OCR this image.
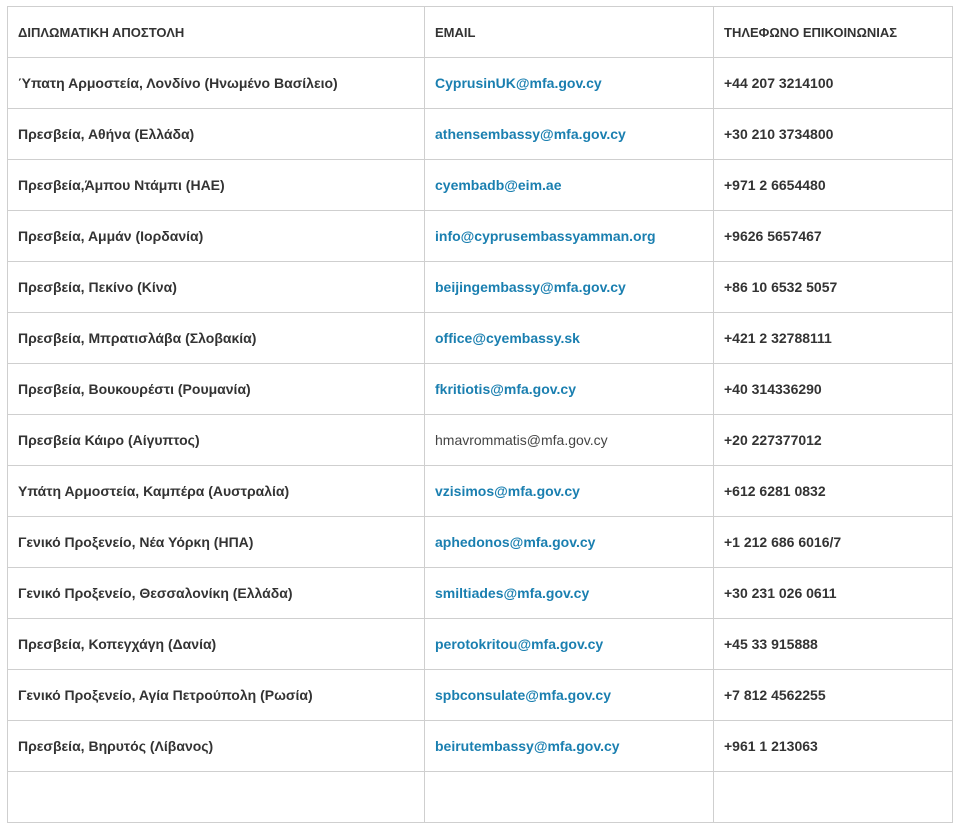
ΔΙΠΛΩΜΑΤΙΚΗ ΑΠΟΣΤΟΛΗ	EMAIL	ΤΗΛΕΦΩΝΟ ΕΠΙΚΟΙΝΩΝΙΑΣ
Ύπατη Αρμοστεία, Λονδίνο (Ηνωμένο Βασίλειο)	CyprusinUK@mfa.gov.cy	+44 207 3214100
Πρεσβεία, Αθήνα (Ελλάδα)	athensembassy@mfa.gov.cy	+30 210 3734800
Πρεσβεία,Άμπου Ντάμπι (ΗΑΕ)	cyembadb@eim.ae	+971 2 6654480
Πρεσβεία, Αμμάν (Ιορδανία)	info@cyprusembassyamman.org	+9626 5657467
Πρεσβεία, Πεκίνο (Κίνα)	beijingembassy@mfa.gov.cy	+86 10 6532 5057
Πρεσβεία, Μπρατισλάβα (Σλοβακία)	office@cyembassy.sk	+421 2 32788111
Πρεσβεία, Βουκουρέστι (Ρουμανία)	fkritiotis@mfa.gov.cy	+40 314336290
Πρεσβεία Κάιρο (Αίγυπτος)	hmavrommatis@mfa.gov.cy	+20 227377012
Υπάτη Αρμοστεία, Καμπέρα (Αυστραλία)	vzisimos@mfa.gov.cy	+612 6281 0832
Γενικό Προξενείο, Νέα Υόρκη (ΗΠΑ)	aphedonos@mfa.gov.cy	+1 212 686 6016/7
Γενικό Προξενείο, Θεσσαλονίκη (Ελλάδα)	smiltiades@mfa.gov.cy	+30 231 026 0611
Πρεσβεία, Κοπεγχάγη (Δανία)	perotokritou@mfa.gov.cy	+45 33 915888
Γενικό Προξενείο, Αγία Πετρούπολη (Ρωσία)	spbconsulate@mfa.gov.cy	+7 812 4562255
Πρεσβεία, Βηρυτός (Λίβανος)	beirutembassy@mfa.gov.cy	+961 1 213063
